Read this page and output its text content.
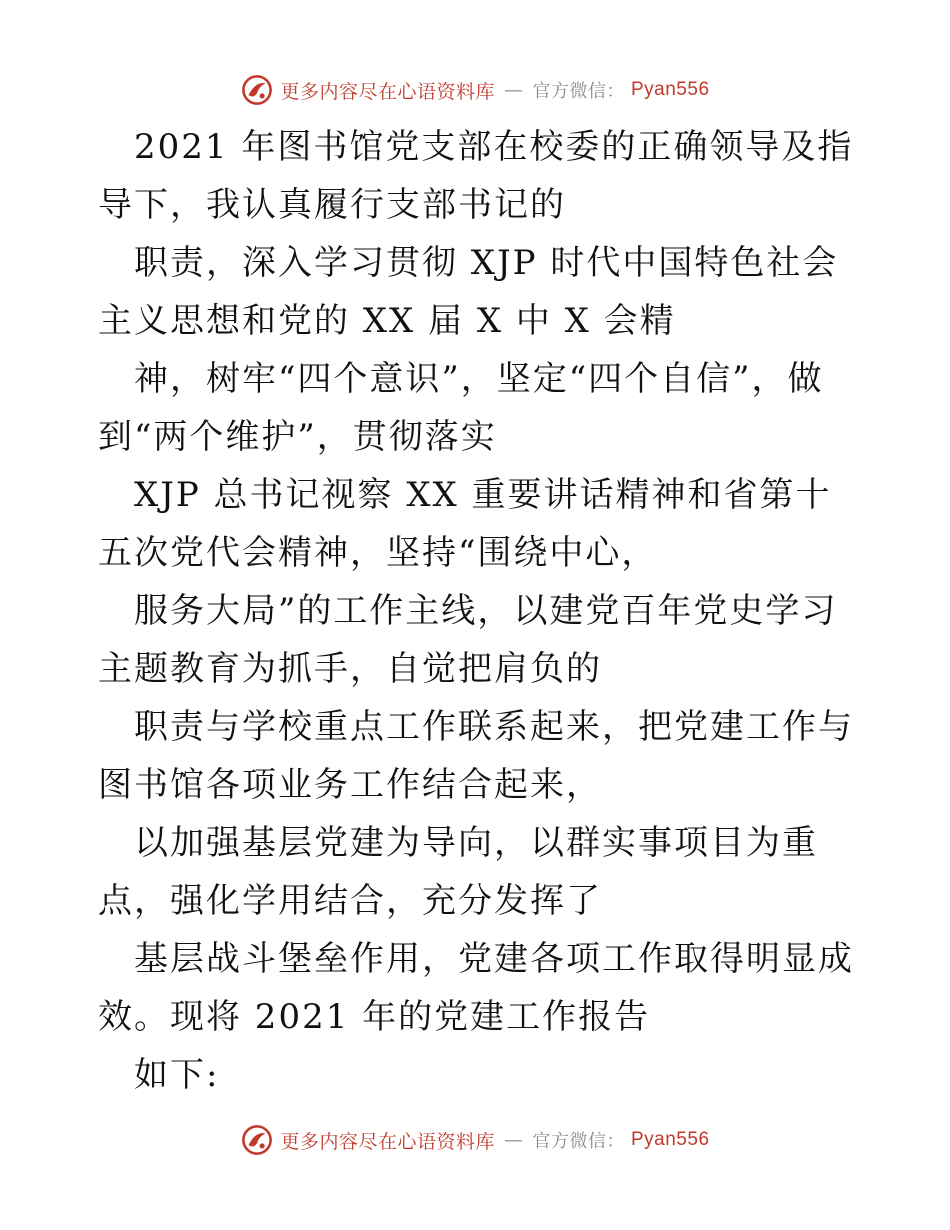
更多内容尽在心语资料库 — 官方微信： Pyan556

2021 年图书馆党支部在校委的正确领导及指导下，我认真履行支部书记的

职责，深入学习贯彻 XJP 时代中国特色社会主义思想和党的 XX 届 X 中 X 会精

神，树牢“四个意识”，坚定“四个自信”，做到“两个维护”，贯彻落实

XJP 总书记视察 XX 重要讲话精神和省第十五次党代会精神，坚持“围绕中心，

服务大局”的工作主线，以建党百年党史学习主题教育为抓手，自觉把肩负的

职责与学校重点工作联系起来，把党建工作与图书馆各项业务工作结合起来，

以加强基层党建为导向，以群实事项目为重点，强化学用结合，充分发挥了

基层战斗堡垒作用，党建各项工作取得明显成效。现将 2021 年的党建工作报告

如下:

更多内容尽在心语资料库 — 官方微信： Pyan556
